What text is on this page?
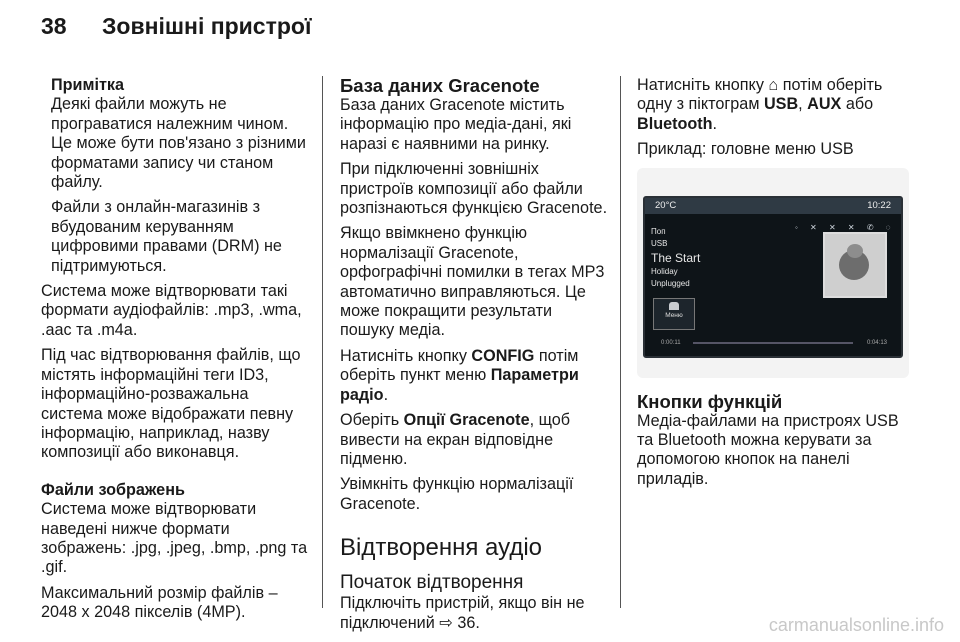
38 Зовнішні пристрої
Примітка

Деякі файли можуть не програватися належним чином. Це може бути пов'язано з різними форматами запису чи станом файлу.

Файли з онлайн-магазинів з вбудованим керуванням цифровими правами (DRM) не підтримуються.

Система може відтворювати такі формати аудіофайлів: .mp3, .wma, .aac та .m4a.

Під час відтворювання файлів, що містять інформаційні теги ID3, інформаційно-розважальна система може відображати певну інформацію, наприклад, назву композиції або виконавця.

Файли зображень

Система може відтворювати наведені нижче формати зображень: .jpg, .jpeg, .bmp, .png та .gif.

Максимальний розмір файлів – 2048 x 2048 пікселів (4MP).

База даних Gracenote

База даних Gracenote містить інформацію про медіа-дані, які наразі є наявними на ринку.

При підключенні зовнішніх пристроїв композиції або файли розпізнаються функцією Gracenote.

Якщо ввімкнено функцію нормалізації Gracenote, орфографічні помилки в тегах MP3 автоматично виправляються. Це може покращити результати пошуку медіа.

Натисніть кнопку CONFIG потім оберіть пункт меню Параметри радіо.

Оберіть Опції Gracenote, щоб вивести на екран відповідне підменю.

Увімкніть функцію нормалізації Gracenote.

Відтворення аудіо
Початок відтворення

Підключіть пристрій, якщо він не підключений ⇨ 36.

Натисніть кнопку ⌂ потім оберіть одну з піктограм USB, AUX або Bluetooth.

Приклад: головне меню USB

20°C	10:22
◦ ✕ ✕ ✕ ✆ ◌
Поп
USB
The Start
Holiday
Unplugged
Меню
0:00:11	0:04:13
Кнопки функцій

Медіа-файлами на пристроях USB та Bluetooth можна керувати за допомогою кнопок на панелі приладів.

carmanualsonline.info
